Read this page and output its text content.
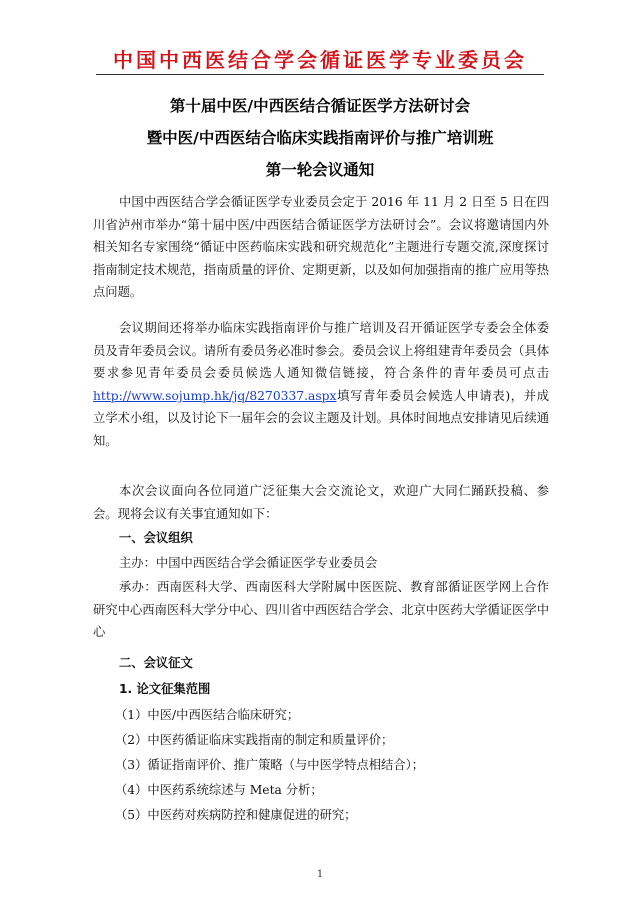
中国中西医结合学会循证医学专业委员会
第十届中医/中西医结合循证医学方法研讨会
暨中医/中西医结合临床实践指南评价与推广培训班
第一轮会议通知
中国中西医结合学会循证医学专业委员会定于 2016 年 11 月 2 日至 5 日在四川省泸州市举办“第十届中医/中西医结合循证医学方法研讨会”。会议将邀请国内外相关知名专家围绕“循证中医药临床实践和研究规范化”主题进行专题交流,深度探讨指南制定技术规范，指南质量的评价、定期更新，以及如何加强指南的推广应用等热点问题。
会议期间还将举办临床实践指南评价与推广培训及召开循证医学专委会全体委员及青年委员会议。请所有委员务必准时参会。委员会议上将组建青年委员会（具体要求参见青年委员会委员候选人通知微信链接，符合条件的青年委员可点击http://www.sojump.hk/jq/8270337.aspx填写青年委员会候选人申请表)，并成立学术小组，以及讨论下一届年会的会议主题及计划。具体时间地点安排请见后续通知。
本次会议面向各位同道广泛征集大会交流论文，欢迎广大同仁踊跃投稿、参会。现将会议有关事宜通知如下：
一、会议组织
主办：中国中西医结合学会循证医学专业委员会
承办：西南医科大学、西南医科大学附属中医医院、教育部循证医学网上合作研究中心西南医科大学分中心、四川省中西医结合学会、北京中医药大学循证医学中心
二、会议征文
1. 论文征集范围
（1）中医/中西医结合临床研究；
（2）中医药循证临床实践指南的制定和质量评价；
（3）循证指南评价、推广策略（与中医学特点相结合）；
（4）中医药系统综述与 Meta 分析；
（5）中医药对疾病防控和健康促进的研究；
1
